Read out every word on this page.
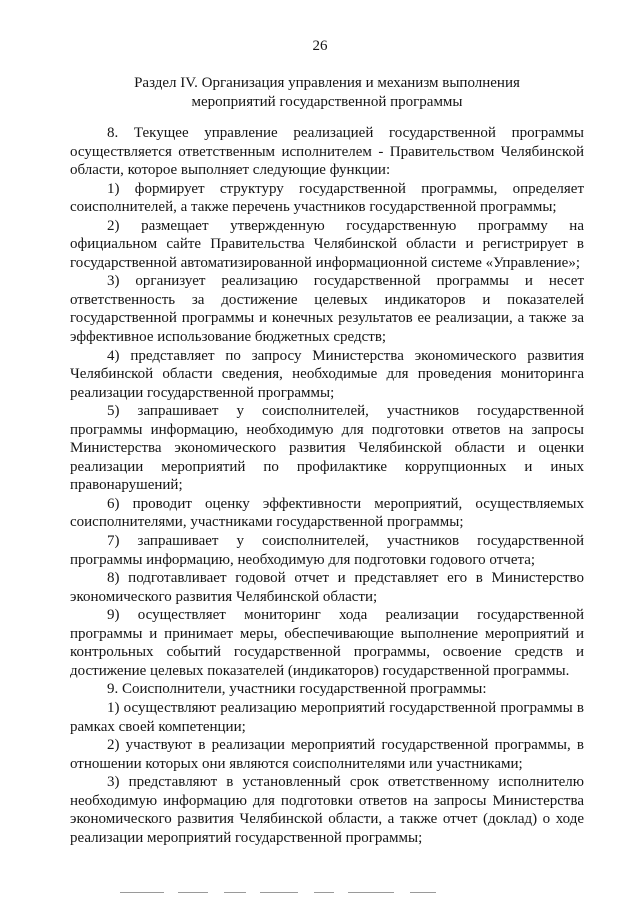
26
Раздел IV. Организация управления и механизм выполнения
мероприятий государственной программы

8. Текущее управление реализацией государственной программы осуществляется ответственным исполнителем - Правительством Челябинской области, которое выполняет следующие функции:

1) формирует структуру государственной программы, определяет соисполнителей, а также перечень участников государственной программы;

2) размещает утвержденную государственную программу на официальном сайте Правительства Челябинской области и регистрирует в государственной автоматизированной информационной системе «Управление»;

3) организует реализацию государственной программы и несет ответственность за достижение целевых индикаторов и показателей государственной программы и конечных результатов ее реализации, а также за эффективное использование бюджетных средств;

4) представляет по запросу Министерства экономического развития Челябинской области сведения, необходимые для проведения мониторинга реализации государственной программы;

5) запрашивает у соисполнителей, участников государственной программы информацию, необходимую для подготовки ответов на запросы Министерства экономического развития Челябинской области и оценки реализации мероприятий по профилактике коррупционных и иных правонарушений;

6) проводит оценку эффективности мероприятий, осуществляемых соисполнителями, участниками государственной программы;

7) запрашивает у соисполнителей, участников государственной программы информацию, необходимую для подготовки годового отчета;

8) подготавливает годовой отчет и представляет его в Министерство экономического развития Челябинской области;

9) осуществляет мониторинг хода реализации государственной программы и принимает меры, обеспечивающие выполнение мероприятий и контрольных событий государственной программы, освоение средств и достижение целевых показателей (индикаторов) государственной программы.

9. Соисполнители, участники государственной программы:

1) осуществляют реализацию мероприятий государственной программы в рамках своей компетенции;

2) участвуют в реализации мероприятий государственной программы, в отношении которых они являются соисполнителями или участниками;

3) представляют в установленный срок ответственному исполнителю необходимую информацию для подготовки ответов на запросы Министерства экономического развития Челябинской области, а также отчет (доклад) о ходе реализации мероприятий государственной программы;
